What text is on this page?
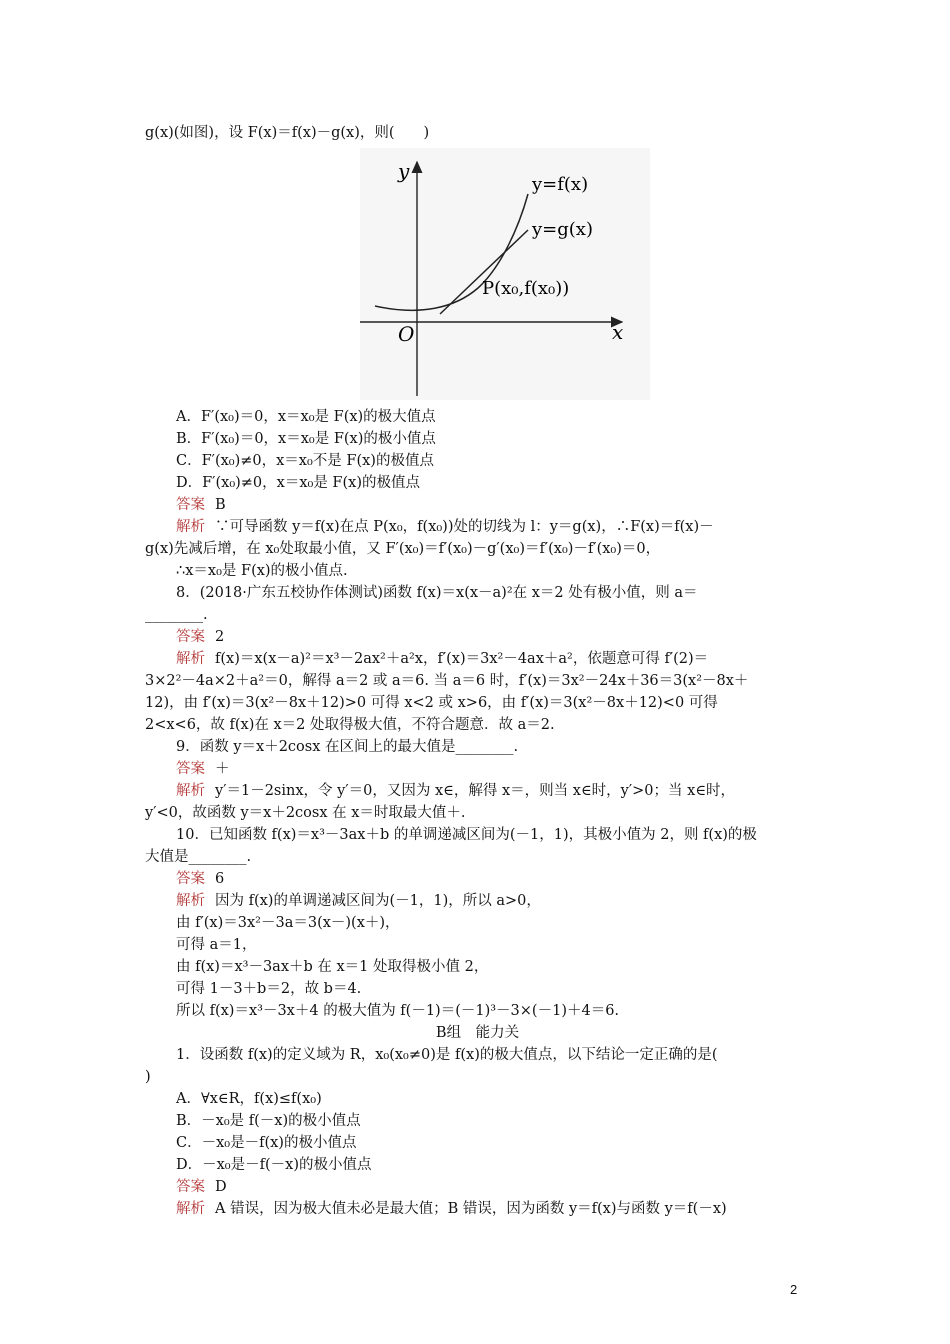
g(x)(如图)，设 F(x)＝f(x)－g(x)，则(　　)
y
x
O
y=f(x)
y=g(x)
P(x₀,f(x₀))
A．F′(x₀)＝0，x＝x₀是 F(x)的极大值点
B．F′(x₀)＝0，x＝x₀是 F(x)的极小值点
C．F′(x₀)≠0，x＝x₀不是 F(x)的极值点
D．F′(x₀)≠0，x＝x₀是 F(x)的极值点
答案 B
解析 ∵可导函数 y＝f(x)在点 P(x₀，f(x₀))处的切线为 l：y＝g(x)，∴F(x)＝f(x)－
g(x)先减后增，在 x₀处取最小值，又 F′(x₀)＝f′(x₀)－g′(x₀)＝f′(x₀)－f′(x₀)＝0，
∴x＝x₀是 F(x)的极小值点.
8．(2018·广东五校协作体测试)函数 f(x)＝x(x－a)²在 x＝2 处有极小值，则 a＝
________.
答案 2
解析 f(x)＝x(x－a)²＝x³－2ax²＋a²x，f′(x)＝3x²－4ax＋a²，依题意可得 f′(2)＝
3×2²－4a×2＋a²＝0，解得 a＝2 或 a＝6. 当 a＝6 时，f′(x)＝3x²－24x＋36＝3(x²－8x＋
12)，由 f′(x)＝3(x²－8x＋12)>0 可得 x<2 或 x>6，由 f′(x)＝3(x²－8x＋12)<0 可得
2<x<6，故 f(x)在 x＝2 处取得极大值，不符合题意．故 a＝2.
9．函数 y＝x＋2cosx 在区间上的最大值是________.
答案 ＋
解析 y′＝1－2sinx，令 y′＝0，又因为 x∈，解得 x＝，则当 x∈时，y′>0；当 x∈时，
y′<0，故函数 y＝x＋2cosx 在 x＝时取最大值＋.
10．已知函数 f(x)＝x³－3ax＋b 的单调递减区间为(－1，1)，其极小值为 2，则 f(x)的极
大值是________.
答案 6
解析 因为 f(x)的单调递减区间为(－1，1)，所以 a>0，
由 f′(x)＝3x²－3a＝3(x－)(x＋)，
可得 a＝1，
由 f(x)＝x³－3ax＋b 在 x＝1 处取得极小值 2，
可得 1－3＋b＝2，故 b＝4.
所以 f(x)＝x³－3x＋4 的极大值为 f(－1)＝(－1)³－3×(－1)＋4＝6.
B组　能力关
1．设函数 f(x)的定义域为 R，x₀(x₀≠0)是 f(x)的极大值点，以下结论一定正确的是(
)
A．∀x∈R，f(x)≤f(x₀)
B．－x₀是 f(－x)的极小值点
C．－x₀是－f(x)的极小值点
D．－x₀是－f(－x)的极小值点
答案 D
解析 A 错误，因为极大值未必是最大值；B 错误，因为函数 y＝f(x)与函数 y＝f(－x)
2
